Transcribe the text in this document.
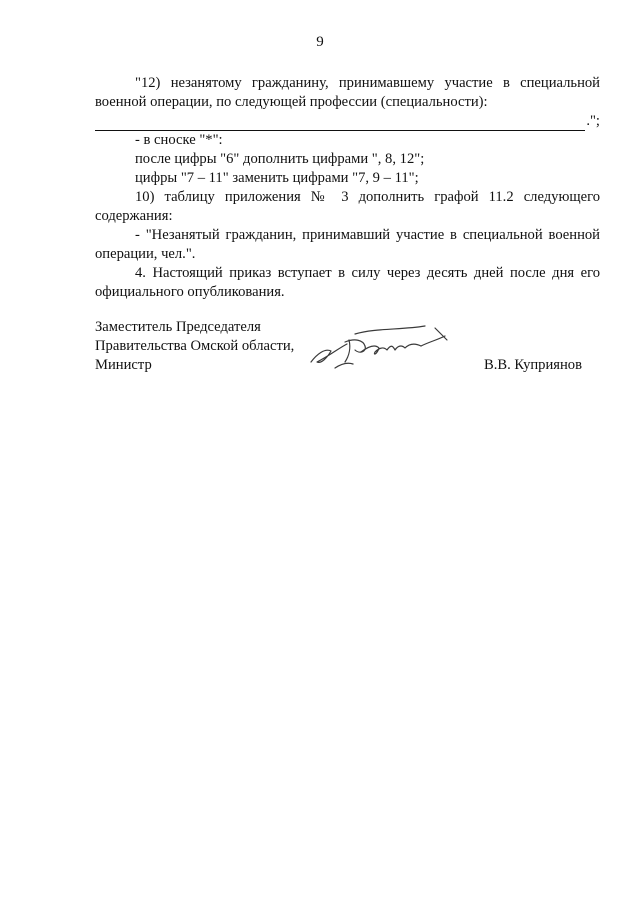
9

"12) незанятому гражданину, принимавшему участие в специальной военной операции, по следующей профессии (специальности):

.";

- в сноске "*":

после цифры "6" дополнить цифрами ", 8, 12";

цифры "7 – 11" заменить цифрами "7, 9 – 11";

10) таблицу приложения № 3 дополнить графой 11.2 следующего содержания:

- "Незанятый гражданин, принимавший участие в специальной военной операции, чел.".

4. Настоящий приказ вступает в силу через десять дней после дня его официального опубликования.

Заместитель Председателя

Правительства Омской области,

Министр	В.В. Куприянов
